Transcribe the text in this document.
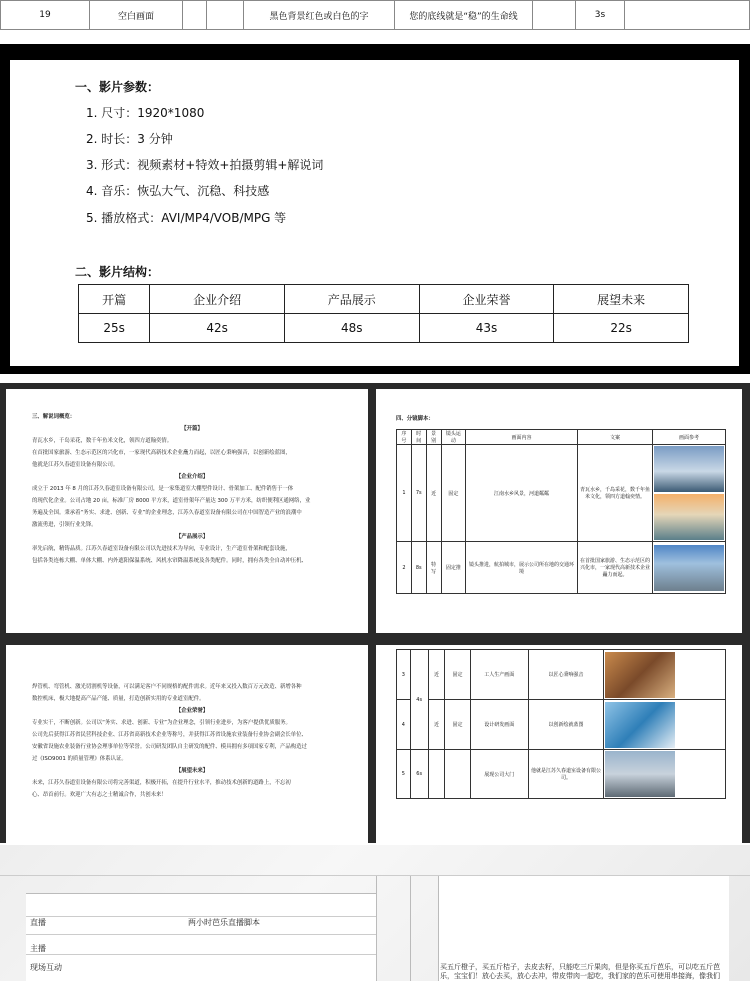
19	空白画面			黑色背景红色或白色的字	您的底线就是“稳”的生命线		3s	
一、影片参数：
1. 尺寸：1920*1080
2. 时长：3 分钟
3. 形式：视频素材+特效+拍摄剪辑+解说词
4. 音乐：恢弘大气、沉稳、科技感
5. 播放格式：AVI/MP4/VOB/MPG 等
二、影片结构：
开篇	企业介绍	产品展示	企业荣誉	展望未来
25s	42s	48s	43s	22s

三、解说词概览：

【开篇】

青瓦水乡，千岛采花，数千年鱼米文化，领四方道翰奕情。

在首批国家旅游、生态示范区的兴化市，一家现代高新技术企业矗力而起，以匠心秉响强音，以创新绘蓝图，

他就是江苏久春道室设备有限公司。

【企业介绍】

成立于 2013 年 8 月的江苏久春道室设备有限公司，是一家集道室大棚型件设计、骨架加工、配件销售于一体

的现代化企业。公司占地 20 亩，标准厂房 8000 平方米，道室骨架年产量达 300 万平方米，纺织便利区通网络，业

务遍及全国。秉承着“务实、求进、创新、专业”的企业理念，江苏久春道室设备有限公司在中国智造产业的浪潮中

激流勇进，引领行业先锋。

【产品展示】

率先启航，精铸品质。江苏久春道室设备有限公司以先进技术为导向，专业设计，生产道室骨架和配套设施，

包括各类连栋大棚、单体大棚、内外遮阳保温系统、风机水帘降温系统及各类配件。同时，拥有各类全自动冲压机、

焊管机、弯管机、激光切割机等设备，可以满足客户不同规格的配件需求。近年来又投入数百万元改造、新增各种

数控机床，极大地提高产品产能、质量，打造创新实用的专业道室配件。

【企业荣誉】

专业实干，不断创新。公司以“务实、求进、创新、专业”为企业理念，引领行业进步，为客户提供优质服务。

公司先后获得江苏省民营科技企业、江苏省高新技术企业等称号，并获得江苏省设施农业装备行业协会副会长单位、

安徽省设施农业装备行业协会理事单位等荣誉。公司研发团队自主研发的配件、模具拥有多项国家专利，产品构造过

过《ISO9001 的质量管理》体系认证。

【展望未来】

未来，江苏久春道室设备有限公司将完善渠道，积极开拓，在提升行业水平，推动技术创新的道路上，不忘初

心、昂首前行。欢迎广大有志之士精诚合作，共创未来！

四、分镜脚本：
序号	时间	景别	镜头运动	画面内容	文案	画面参考
1	7s	近	固定	江南水乡风景，河道粼粼	青瓦水乡，千岛采花，数千年鱼米文化，领四方道翰奕情。	

2	8s	特写	固定推	镜头推进，航拍城市，展示公司所在地的交通环境	在首批国家旅游、生态示范区的兴化市，一家现代高新技术企业矗力而起。	
3	4s	近	固定	工人生产画面	以匠心秉响强音	

4		近	固定	设计研发画面	以创新绘就蓝图	

5	6s			展现公司大门	他就是江苏久春道室设备有限公司。	
直播	两小时芭乐直播脚本
主播
现场互动	买五斤橙子，买五斤桔子，去皮去籽，只能吃三斤果肉，但是你买五斤芭乐，可以吃五斤芭乐，宝宝们！放心去买，放心去冲，带皮带肉一起吃，我们家的芭乐可使用串接海，像我们
